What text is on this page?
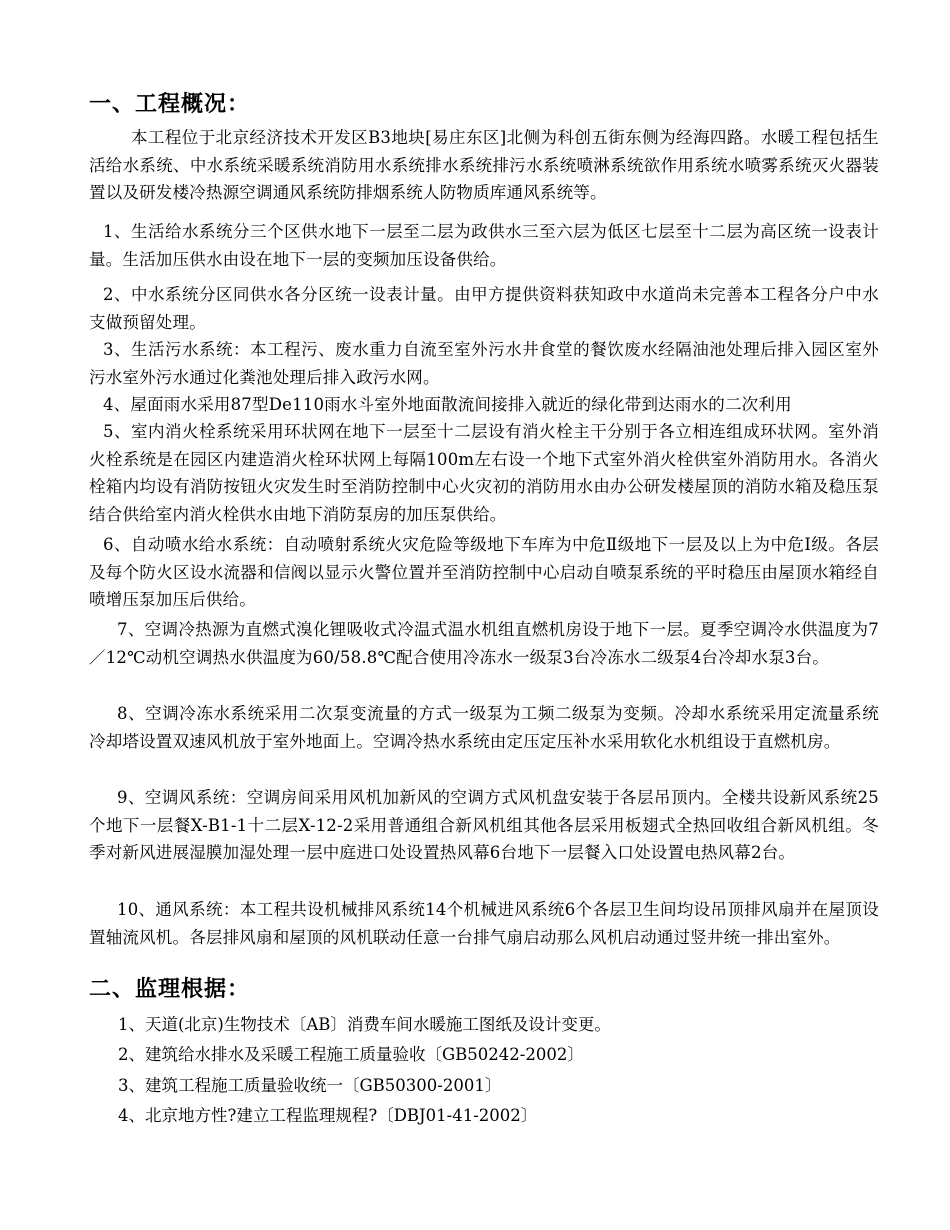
一、工程概况：
本工程位于北京经济技术开发区B3地块[易庄东区]北侧为科创五街东侧为经海四路。水暖工程包括生活给水系统、中水系统采暖系统消防用水系统排水系统排污水系统喷淋系统欲作用系统水喷雾系统灭火器装置以及研发楼冷热源空调通风系统防排烟系统人防物质库通风系统等。
1、生活给水系统分三个区供水地下一层至二层为政供水三至六层为低区七层至十二层为高区统一设表计量。生活加压供水由设在地下一层的变频加压设备供给。
2、中水系统分区同供水各分区统一设表计量。由甲方提供资料获知政中水道尚未完善本工程各分户中水支做预留处理。
3、生活污水系统：本工程污、废水重力自流至室外污水井食堂的餐饮废水经隔油池处理后排入园区室外污水室外污水通过化粪池处理后排入政污水网。
4、屋面雨水采用87型De110雨水斗室外地面散流间接排入就近的绿化带到达雨水的二次利用
5、室内消火栓系统采用环状网在地下一层至十二层设有消火栓主干分别于各立相连组成环状网。室外消火栓系统是在园区内建造消火栓环状网上每隔100m左右设一个地下式室外消火栓供室外消防用水。各消火栓箱内均设有消防按钮火灾发生时至消防控制中心火灾初的消防用水由办公研发楼屋顶的消防水箱及稳压泵结合供给室内消火栓供水由地下消防泵房的加压泵供给。
6、自动喷水给水系统：自动喷射系统火灾危险等级地下车库为中危Ⅱ级地下一层及以上为中危Ⅰ级。各层及每个防火区设水流器和信阀以显示火警位置并至消防控制中心启动自喷泵系统的平时稳压由屋顶水箱经自喷增压泵加压后供给。
7、空调冷热源为直燃式溴化锂吸收式冷温式温水机组直燃机房设于地下一层。夏季空调冷水供温度为7／12℃动机空调热水供温度为60/58.8℃配合使用冷冻水一级泵3台冷冻水二级泵4台冷却水泵3台。
8、空调冷冻水系统采用二次泵变流量的方式一级泵为工频二级泵为变频。冷却水系统采用定流量系统冷却塔设置双速风机放于室外地面上。空调冷热水系统由定压定压补水采用软化水机组设于直燃机房。
9、空调风系统：空调房间采用风机加新风的空调方式风机盘安装于各层吊顶内。全楼共设新风系统25个地下一层餐X-B1-1十二层X-12-2采用普通组合新风机组其他各层采用板翅式全热回收组合新风机组。冬季对新风进展湿膜加湿处理一层中庭进口处设置热风幕6台地下一层餐入口处设置电热风幕2台。
10、通风系统：本工程共设机械排风系统14个机械进风系统6个各层卫生间均设吊顶排风扇并在屋顶设置轴流风机。各层排风扇和屋顶的风机联动任意一台排气扇启动那么风机启动通过竖井统一排出室外。
二、监理根据：
1、天道(北京)生物技术〔AB〕消费车间水暖施工图纸及设计变更。
2、建筑给水排水及采暖工程施工质量验收〔GB50242-2002〕
3、建筑工程施工质量验收统一〔GB50300-2001〕
4、北京地方性?建立工程监理规程?〔DBJ01-41-2002〕
